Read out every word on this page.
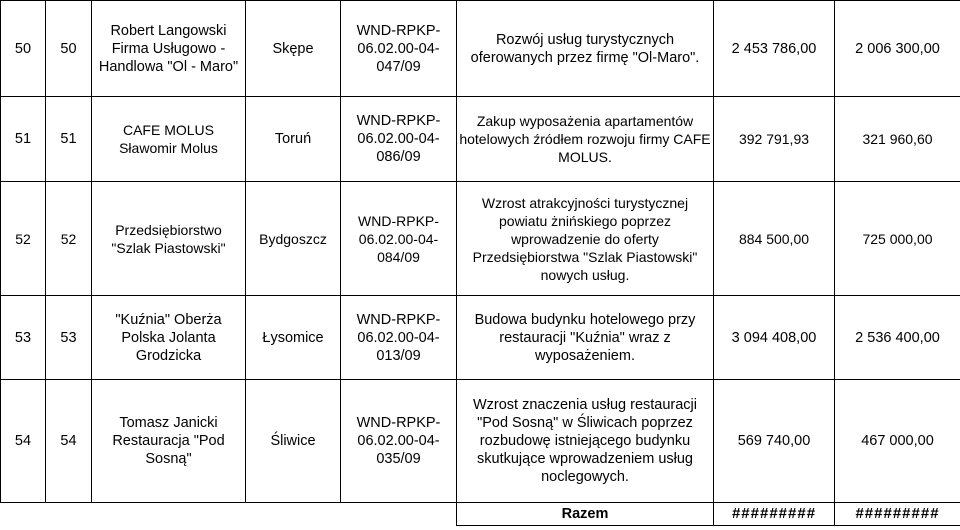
50	50	Robert Langowski Firma Usługowo - Handlowa "Ol - Maro"	Skępe	WND-RPKP-06.02.00-04-047/09	Rozwój usług turystycznych oferowanych przez firmę "Ol-Maro".	2 453 786,00	2 006 300,00
51	51	CAFE MOLUS Sławomir Molus	Toruń	WND-RPKP-06.02.00-04-086/09	Zakup wyposażenia apartamentów hotelowych źródłem rozwoju firmy CAFE MOLUS.	392 791,93	321 960,60
52	52	Przedsiębiorstwo "Szlak Piastowski"	Bydgoszcz	WND-RPKP-06.02.00-04-084/09	Wzrost atrakcyjności turystycznej powiatu żnińskiego poprzez wprowadzenie do oferty Przedsiębiorstwa "Szlak Piastowski" nowych usług.	884 500,00	725 000,00
53	53	"Kuźnia" Oberża Polska Jolanta Grodzicka	Łysomice	WND-RPKP-06.02.00-04-013/09	Budowa budynku hotelowego przy restauracji "Kuźnia" wraz z wyposażeniem.	3 094 408,00	2 536 400,00
54	54	Tomasz Janicki Restauracja "Pod Sosną"	Śliwice	WND-RPKP-06.02.00-04-035/09	Wzrost znaczenia usług restauracji "Pod Sosną" w Śliwicach poprzez rozbudowę istniejącego budynku skutkujące wprowadzeniem usług noclegowych.	569 740,00	467 000,00
					Razem	#########	#########
